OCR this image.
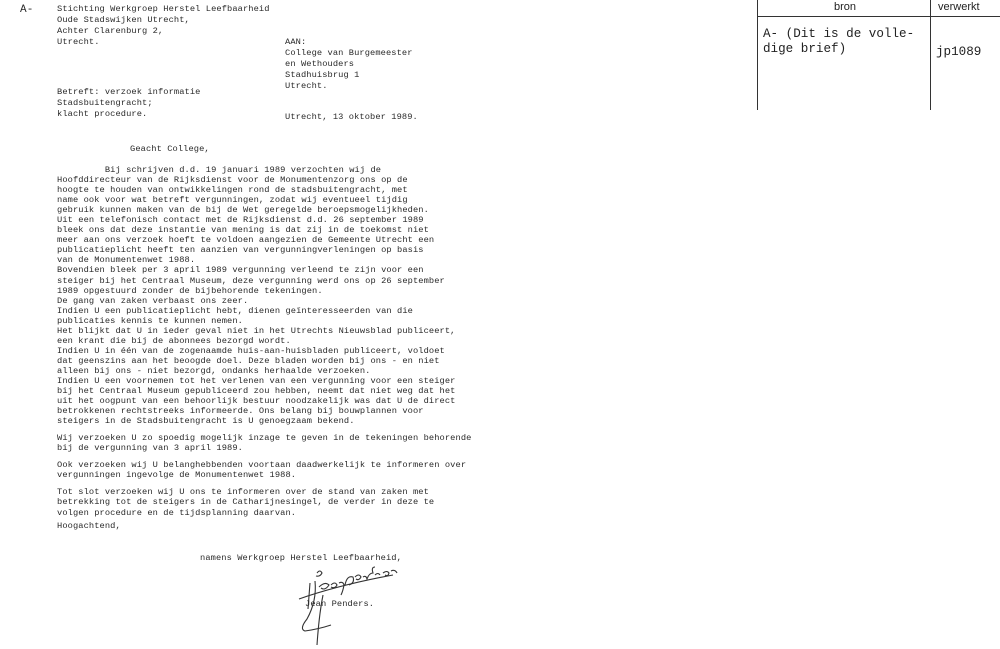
A-	Stichting Werkgroep Herstel Leefbaarheid
Oude Stadswijken Utrecht,
Achter Clarenburg 2,
Utrecht.	AAN:
College van Burgemeester
en Wethouders
Stadhuisbrug 1
Utrecht.
Betreft: verzoek informatie
Stadsbuitengracht;
klacht procedure.	Utrecht, 13 oktober 1989.
Geacht College,
Bij schrijven d.d. 19 januari 1989 verzochten wij de
Hoofddirecteur van de Rijksdienst voor de Monumentenzorg ons op de
hoogte te houden van ontwikkelingen rond de stadsbuitengracht, met
name ook voor wat betreft vergunningen, zodat wij eventueel tijdig
gebruik kunnen maken van de bij de Wet geregelde beroepsmogelijkheden.
Uit een telefonisch contact met de Rijksdienst d.d. 26 september 1989
bleek ons dat deze instantie van mening is dat zij in de toekomst niet
meer aan ons verzoek hoeft te voldoen aangezien de Gemeente Utrecht een
publicatieplicht heeft ten aanzien van vergunningverleningen op basis
van de Monumentenwet 1988.
Bovendien bleek per 3 april 1989 vergunning verleend te zijn voor een
steiger bij het Centraal Museum, deze vergunning werd ons op 26 september
1989 opgestuurd zonder de bijbehorende tekeningen.
De gang van zaken verbaast ons zeer.
Indien U een publicatieplicht hebt, dienen geïnteresseerden van die
publicaties kennis te kunnen nemen.
Het blijkt dat U in ieder geval niet in het Utrechts Nieuwsblad publiceert,
een krant die bij de abonnees bezorgd wordt.
Indien U in één van de zogenaamde huis-aan-huisbladen publiceert, voldoet
dat geenszins aan het beoogde doel. Deze bladen worden bij ons - en niet
alleen bij ons - niet bezorgd, ondanks herhaalde verzoeken.
Indien U een voornemen tot het verlenen van een vergunning voor een steiger
bij het Centraal Museum gepubliceerd zou hebben, neemt dat niet weg dat het
uit het oogpunt van een behoorlijk bestuur noodzakelijk was dat U de direct
betrokkenen rechtstreeks informeerde. Ons belang bij bouwplannen voor
steigers in de Stadsbuitengracht is U genoegzaam bekend.
Wij verzoeken U zo spoedig mogelijk inzage te geven in de tekeningen behorende
bij de vergunning van 3 april 1989.
Ook verzoeken wij U belanghebbenden voortaan daadwerkelijk te informeren over
vergunningen ingevolge de Monumentenwet 1988.
Tot slot verzoeken wij U ons te informeren over de stand van zaken met
betrekking tot de steigers in de Catharijnesingel, de verder in deze te
volgen procedure en de tijdsplanning daarvan.
Hoogachtend,
namens Werkgroep Herstel Leefbaarheid,
Jean Penders.
bron	verwerkt
A- (Dit is de volle-
dige brief)	jp1089
